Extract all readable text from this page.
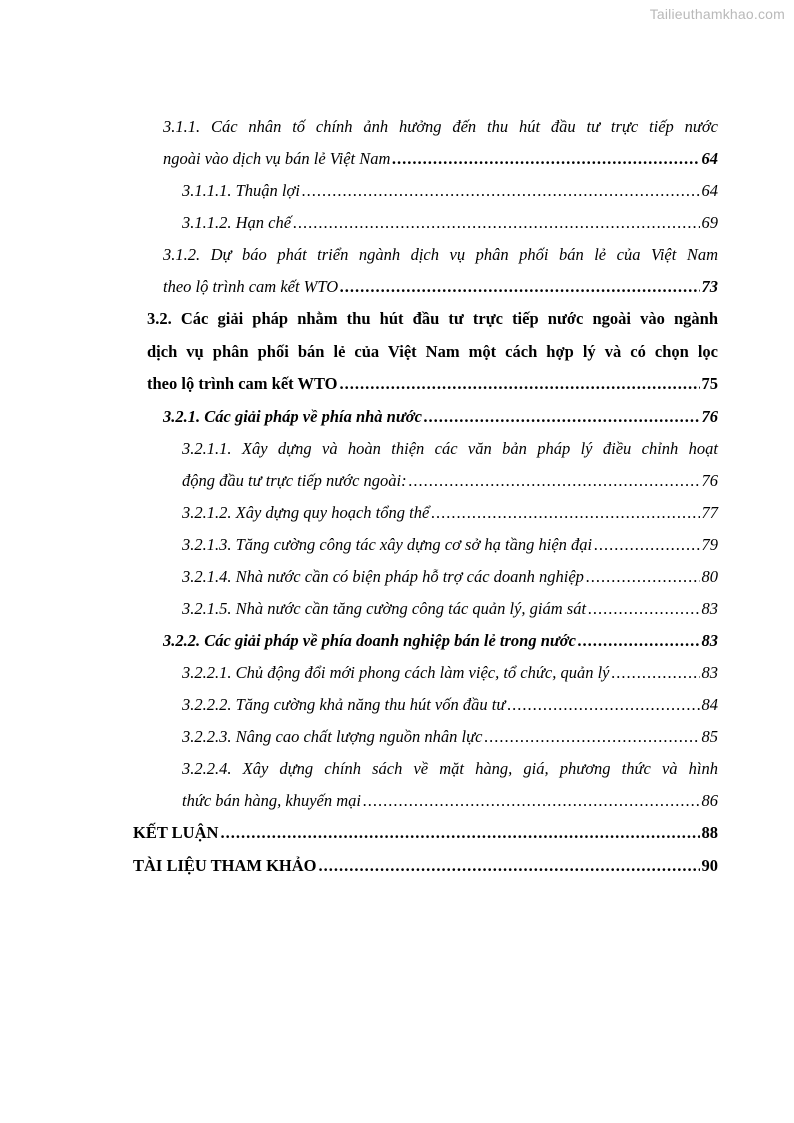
Tailieuthamkhao.com
3.1.1. Các nhân tố chính ảnh hưởng đến thu hút đầu tư trực tiếp nước
ngoài vào dịch vụ bán lẻ Việt Nam .....	64
3.1.1.1. Thuận lợi .....	64
3.1.1.2. Hạn chế .....	69
3.1.2. Dự báo phát triển ngành dịch vụ phân phối bán lẻ của Việt Nam
theo lộ trình cam kết WTO .....	73
3.2. Các giải pháp nhằm thu hút đầu tư trực tiếp nước ngoài vào ngành
dịch vụ phân phối bán lẻ của Việt Nam một cách hợp lý và có chọn lọc
theo lộ trình cam kết WTO .....	75
3.2.1. Các giải pháp về phía nhà nước .....	76
3.2.1.1. Xây dựng và hoàn thiện các văn bản pháp lý điều chỉnh hoạt
động đầu tư trực tiếp nước ngoài: .....	76
3.2.1.2. Xây dựng quy hoạch tổng thể .....	77
3.2.1.3. Tăng cường công tác xây dựng cơ sở hạ tầng hiện đại .....	79
3.2.1.4. Nhà nước cần có biện pháp hỗ trợ các doanh nghiệp .....	80
3.2.1.5. Nhà nước cần tăng cường công tác quản lý, giám sát .....	83
3.2.2. Các giải pháp về phía doanh nghiệp bán lẻ trong nước .....	83
3.2.2.1. Chủ động đổi mới phong cách làm việc, tổ chức, quản lý .....	83
3.2.2.2. Tăng cường khả năng thu hút vốn đầu tư .....	84
3.2.2.3. Nâng cao chất lượng nguồn nhân lực .....	85
3.2.2.4. Xây dựng chính sách về mặt hàng, giá, phương thức và hình
thức bán hàng, khuyến mại .....	86
KẾT LUẬN .....	88
TÀI LIỆU THAM KHẢO .....	90
